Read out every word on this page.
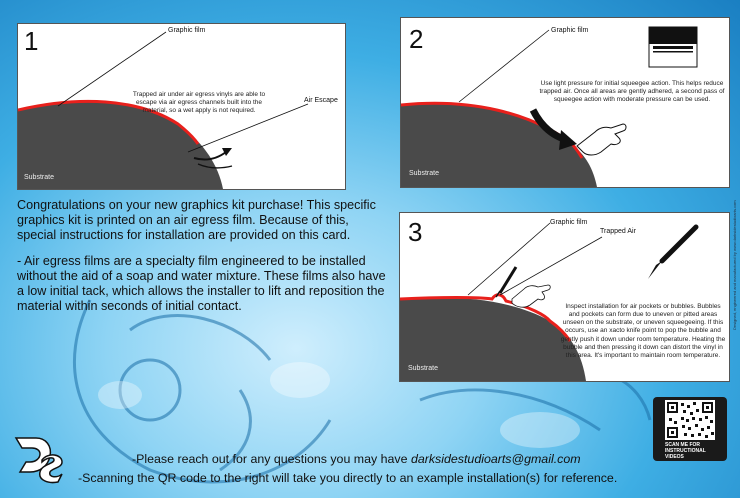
1	Graphic film
Air Escape
Trapped air under air egress vinyls are able to escape via air egress channels built into the material, so a wet apply is not required.
Substrate
2	Graphic film
Use light pressure for initial squeegee action. This helps reduce trapped air. Once all areas are gently adhered, a second pass of squeegee action with moderate pressure can be used.
Substrate
3	Graphic film
Trapped Air
Inspect installation for air pockets or bubbles. Bubbles and pockets can form due to uneven or pitted areas unseen on the substrate, or uneven squeegeeing. If this occurs, use an xacto knife point to pop the bubble and gently push it down under room temperature. Heating the bubble and then pressing it down can distort the vinyl in this area. It's important to maintain room temperature.
Substrate

Congratulations on your new graphics kit purchase! This specific graphics kit is printed on an air egress film. Because of this, special instructions for installation are provided on this card.

- Air egress films are a specialty film engineered to be installed without the aid of a soap and water mixture. These films also have a low initial tack, which allows the installer to lift and reposition the material within seconds of initial contact.

-Please reach out for any questions you may have darksidestudioarts@gmail.com
-Scanning the QR code to the right will take you directly to an example installation(s) for reference.
SCAN ME FOR INSTRUCTIONAL VIDEOS
Designed, engineered and manufactured by www.darksidestudioarts.com
